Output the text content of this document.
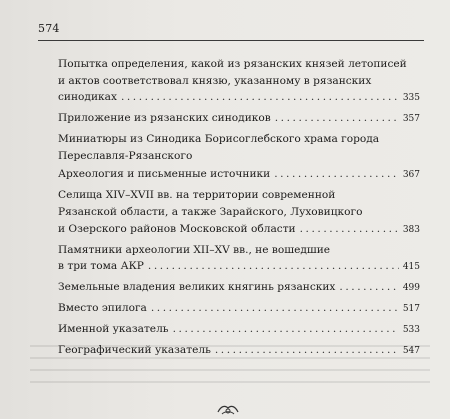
574
Попытка определения, какой из рязанских князей летописей
и актов соответствовал князю, указанному в рязанских
синодиках . . .	335
Приложение из рязанских синодиков . . .	357
Миниатюры из Синодика Борисоглебского храма города
Переславля-Рязанского
Археология и письменные источники . . .	367
Селища XIV–XVII вв. на территории современной
Рязанской области, а также Зарайского, Луховицкого
и Озерского районов Московской области . . .	383
Памятники археологии XII–XV вв., не вошедшие
в три тома АКР . . .	415
Земельные владения великих княгинь рязанских . . .	499
Вместо эпилога . . .	517
Именной указатель . . .	533
Географический указатель . . .	547
